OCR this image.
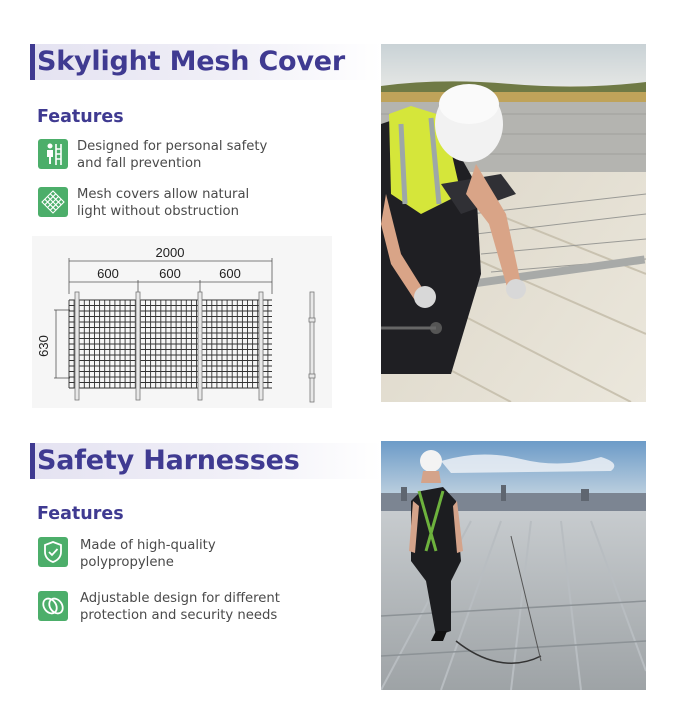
Skylight Mesh Cover
Features
Designed for personal safety
and fall prevention
Mesh covers allow natural
light without obstruction
2000
600	600	600
630
Safety Harnesses
Features
Made of high-quality
polypropylene
Adjustable design for different
protection and security needs
